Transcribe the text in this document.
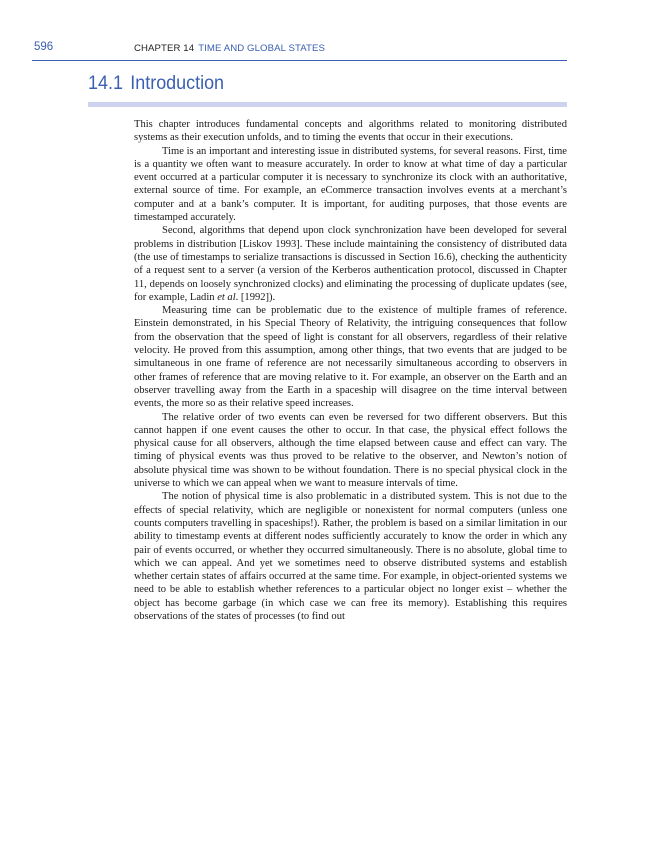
596	CHAPTER 14 TIME AND GLOBAL STATES
14.1 Introduction

This chapter introduces fundamental concepts and algorithms related to monitoring distributed systems as their execution unfolds, and to timing the events that occur in their executions.

Time is an important and interesting issue in distributed systems, for several reasons. First, time is a quantity we often want to measure accurately. In order to know at what time of day a particular event occurred at a particular computer it is necessary to synchronize its clock with an authoritative, external source of time. For example, an eCommerce transaction involves events at a merchant’s computer and at a bank’s computer. It is important, for auditing purposes, that those events are timestamped accurately.

Second, algorithms that depend upon clock synchronization have been developed for several problems in distribution [Liskov 1993]. These include maintaining the consistency of distributed data (the use of timestamps to serialize transactions is discussed in Section 16.6), checking the authenticity of a request sent to a server (a version of the Kerberos authentication protocol, discussed in Chapter 11, depends on loosely synchronized clocks) and eliminating the processing of duplicate updates (see, for example, Ladin et al. [1992]).

Measuring time can be problematic due to the existence of multiple frames of reference. Einstein demonstrated, in his Special Theory of Relativity, the intriguing consequences that follow from the observation that the speed of light is constant for all observers, regardless of their relative velocity. He proved from this assumption, among other things, that two events that are judged to be simultaneous in one frame of reference are not necessarily simultaneous according to observers in other frames of reference that are moving relative to it. For example, an observer on the Earth and an observer travelling away from the Earth in a spaceship will disagree on the time interval between events, the more so as their relative speed increases.

The relative order of two events can even be reversed for two different observers. But this cannot happen if one event causes the other to occur. In that case, the physical effect follows the physical cause for all observers, although the time elapsed between cause and effect can vary. The timing of physical events was thus proved to be relative to the observer, and Newton’s notion of absolute physical time was shown to be without foundation. There is no special physical clock in the universe to which we can appeal when we want to measure intervals of time.

The notion of physical time is also problematic in a distributed system. This is not due to the effects of special relativity, which are negligible or nonexistent for normal computers (unless one counts computers travelling in spaceships!). Rather, the problem is based on a similar limitation in our ability to timestamp events at different nodes sufficiently accurately to know the order in which any pair of events occurred, or whether they occurred simultaneously. There is no absolute, global time to which we can appeal. And yet we sometimes need to observe distributed systems and establish whether certain states of affairs occurred at the same time. For example, in object-oriented systems we need to be able to establish whether references to a particular object no longer exist – whether the object has become garbage (in which case we can free its memory). Establishing this requires observations of the states of processes (to find out
